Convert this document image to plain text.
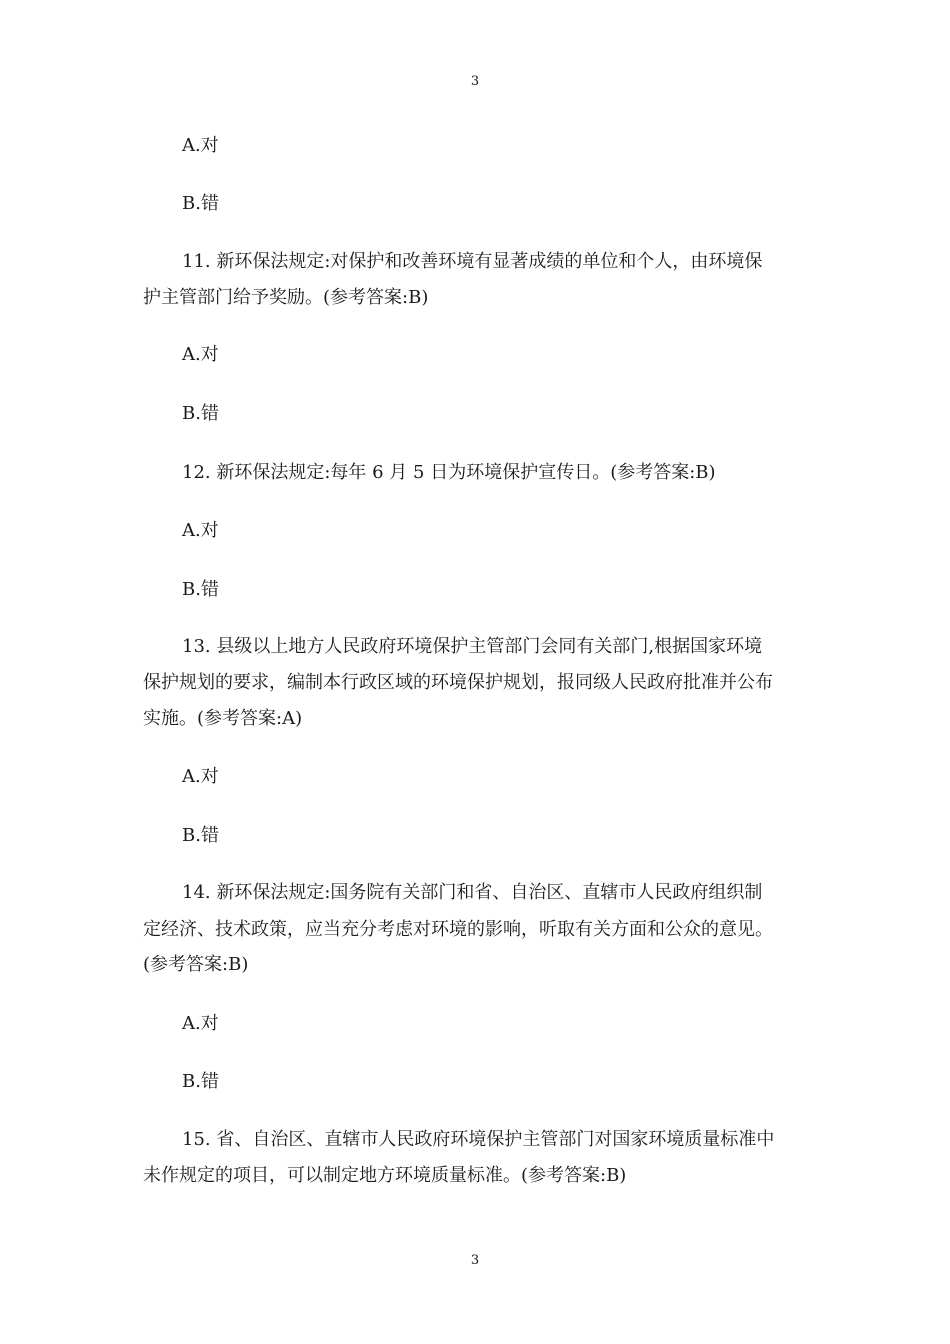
3
A.对
B.错
11. 新环保法规定:对保护和改善环境有显著成绩的单位和个人，由环境保
护主管部门给予奖励。(参考答案:B)
A.对
B.错
12. 新环保法规定:每年 6 月 5 日为环境保护宣传日。(参考答案:B)
A.对
B.错
13. 县级以上地方人民政府环境保护主管部门会同有关部门,根据国家环境
保护规划的要求，编制本行政区域的环境保护规划，报同级人民政府批准并公布
实施。(参考答案:A)
A.对
B.错
14. 新环保法规定:国务院有关部门和省、自治区、直辖市人民政府组织制
定经济、技术政策，应当充分考虑对环境的影响，听取有关方面和公众的意见。
(参考答案:B)
A.对
B.错
15. 省、自治区、直辖市人民政府环境保护主管部门对国家环境质量标准中
未作规定的项目，可以制定地方环境质量标准。(参考答案:B)
3
